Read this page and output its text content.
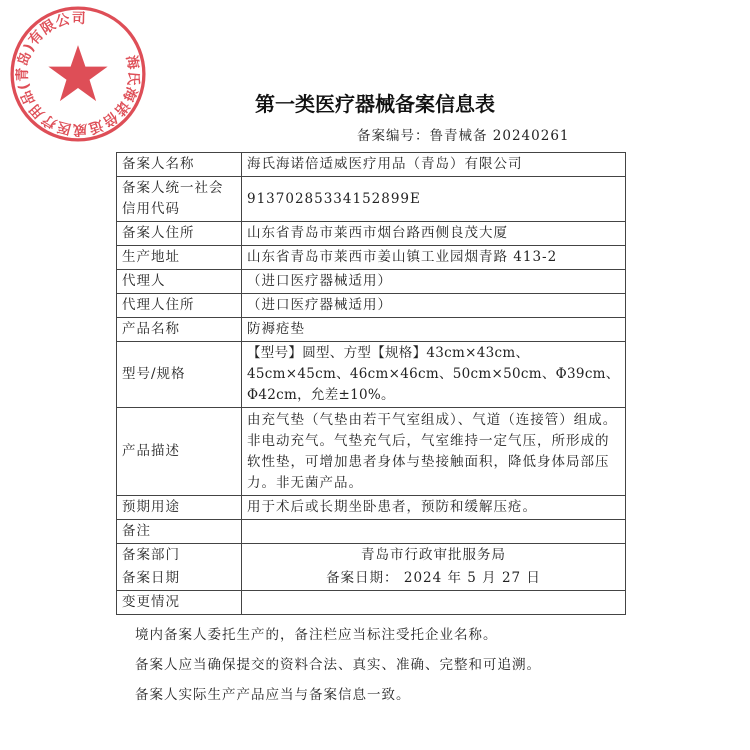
海氏海诺倍适威医疗用品(青岛)有限公司
第一类医疗器械备案信息表
备案编号：鲁青械备 20240261
备案人名称	海氏海诺倍适威医疗用品（青岛）有限公司
备案人统一社会信用代码	91370285334152899E
备案人住所	山东省青岛市莱西市烟台路西侧良茂大厦
生产地址	山东省青岛市莱西市姜山镇工业园烟青路 413-2
代理人	（进口医疗器械适用）
代理人住所	（进口医疗器械适用）
产品名称	防褥疮垫
型号/规格	【型号】圆型、方型【规格】43cm×43cm、45cm×45cm、46cm×46cm、50cm×50cm、Φ39cm、Φ42cm，允差±10%。
产品描述	由充气垫（气垫由若干气室组成）、气道（连接管）组成。非电动充气。气垫充气后，气室维持一定气压，所形成的软性垫，可增加患者身体与垫接触面积，降低身体局部压力。非无菌产品。
预期用途	用于术后或长期坐卧患者，预防和缓解压疮。
备注	
备案部门	青岛市行政审批服务局
备案日期	备案日期： 2024 年 5 月 27 日
变更情况	
境内备案人委托生产的，备注栏应当标注受托企业名称。
备案人应当确保提交的资料合法、真实、准确、完整和可追溯。
备案人实际生产产品应当与备案信息一致。
